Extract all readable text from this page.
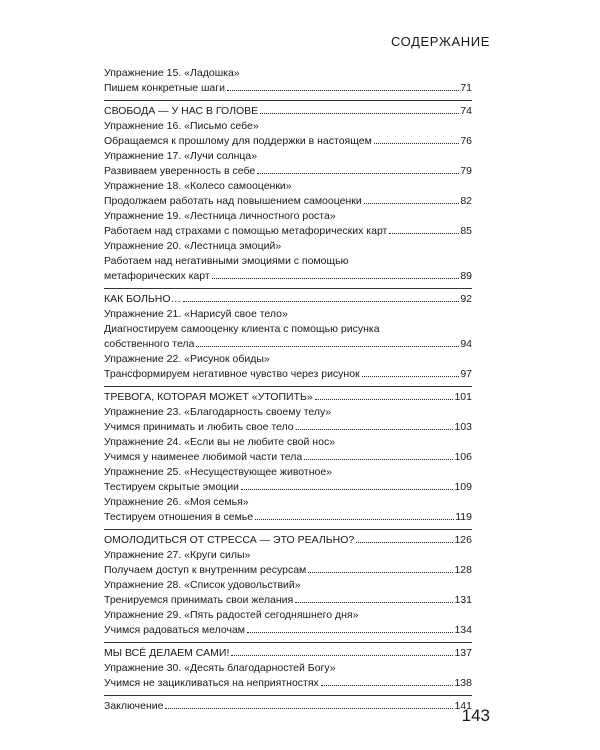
СОДЕРЖАНИЕ
Упражнение 15. «Ладошка»
Пишем конкретные шаги	71
СВОБОДА — У НАС В ГОЛОВЕ	74
Упражнение 16. «Письмо себе»
Обращаемся к прошлому для поддержки в настоящем	76
Упражнение 17. «Лучи солнца»
Развиваем уверенность в себе	79
Упражнение 18. «Колесо самооценки»
Продолжаем работать над повышением самооценки	82
Упражнение 19. «Лестница личностного роста»
Работаем над страхами с помощью метафорических карт	85
Упражнение 20. «Лестница эмоций»
Работаем над негативными эмоциями с помощью
метафорических карт	89
КАК БОЛЬНО…	92
Упражнение 21. «Нарисуй свое тело»
Диагностируем самооценку клиента с помощью рисунка
собственного тела	94
Упражнение 22. «Рисунок обиды»
Трансформируем негативное чувство через рисунок	97
ТРЕВОГА, КОТОРАЯ МОЖЕТ «УТОПИТЬ»	101
Упражнение 23. «Благодарность своему телу»
Учимся принимать и любить свое тело	103
Упражнение 24. «Если вы не любите свой нос»
Учимся у наименее любимой части тела	106
Упражнение 25. «Несуществующее животное»
Тестируем скрытые эмоции	109
Упражнение 26. «Моя семья»
Тестируем отношения в семье	119
ОМОЛОДИТЬСЯ ОТ СТРЕССА — ЭТО РЕАЛЬНО?	126
Упражнение 27. «Круги силы»
Получаем доступ к внутренним ресурсам	128
Упражнение 28. «Список удовольствий»
Тренируемся принимать свои желания	131
Упражнение 29. «Пять радостей сегодняшнего дня»
Учимся радоваться мелочам	134
МЫ ВСЁ ДЕЛАЕМ САМИ!	137
Упражнение 30. «Десять благодарностей Богу»
Учимся не зацикливаться на неприятностях	138
Заключение	141
143
